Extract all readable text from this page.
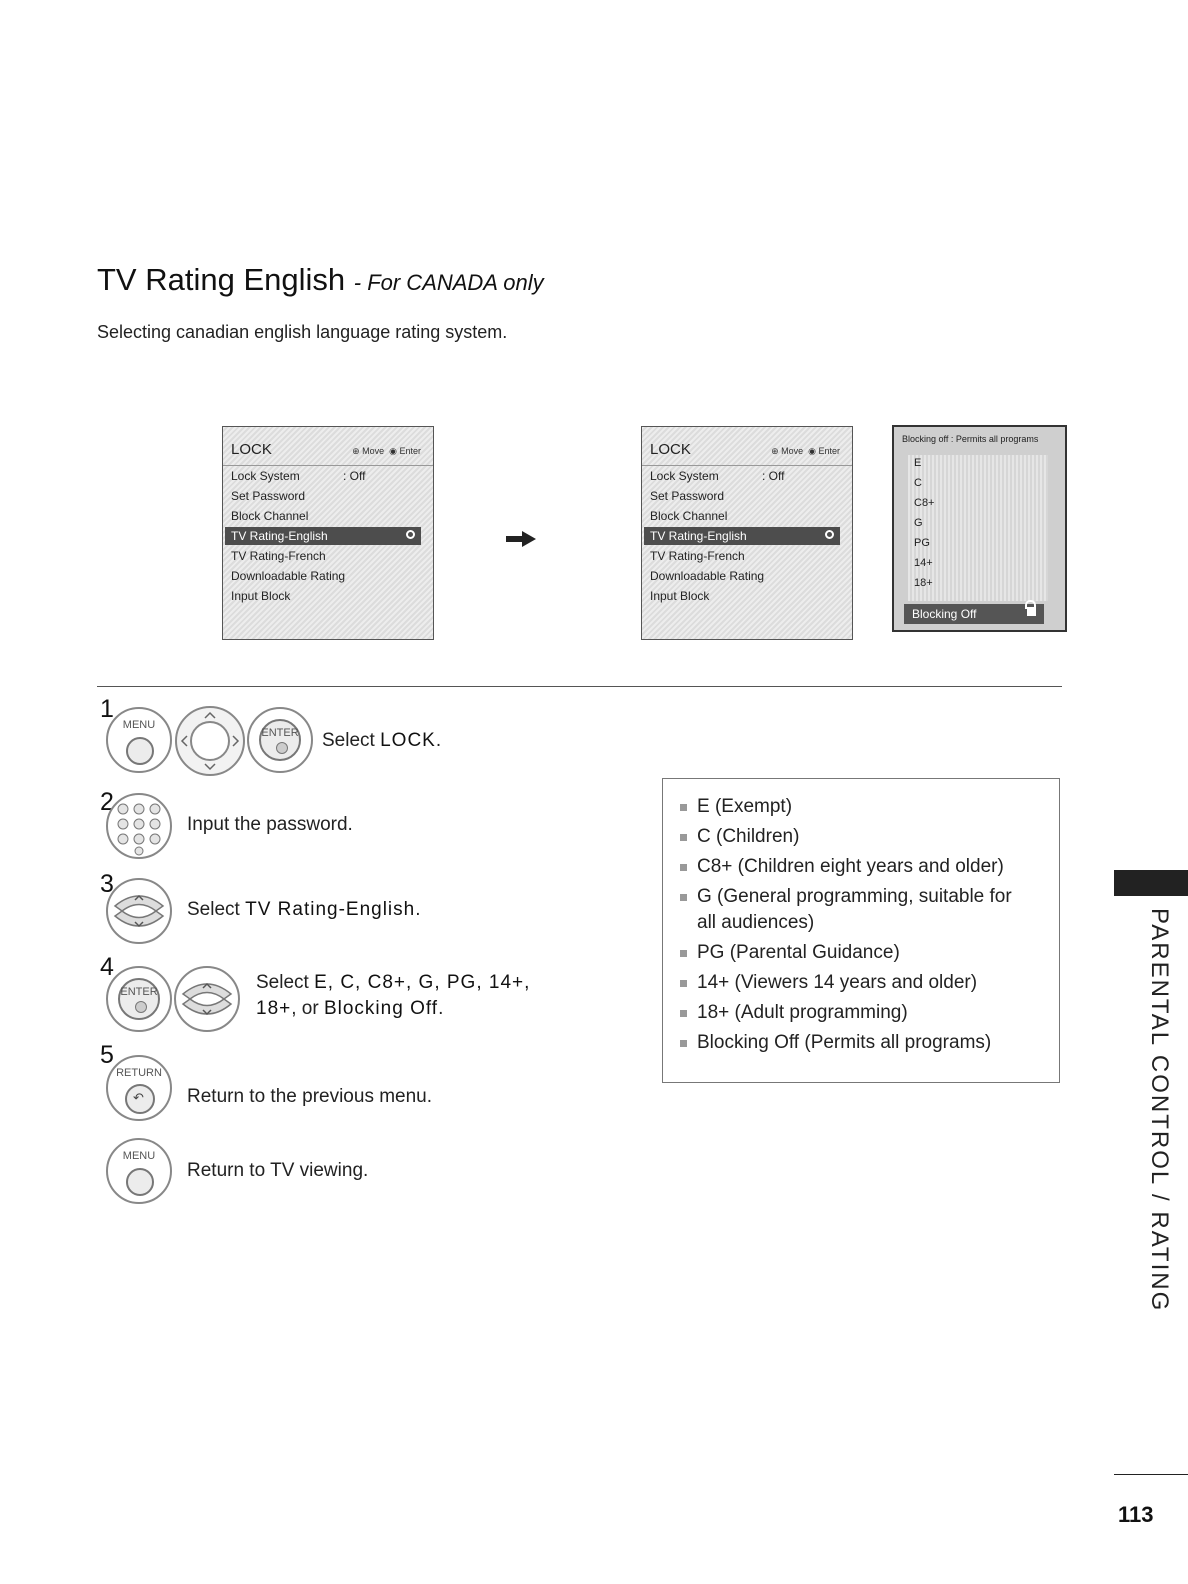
TV Rating English - For CANADA only
Selecting canadian english language rating system.
LOCK	⊕ Move  ◉ Enter
Lock System	: Off
Set Password
Block Channel
TV Rating-English
TV Rating-French
Downloadable Rating
Input Block
LOCK	⊕ Move  ◉ Enter
Lock System	: Off
Set Password
Block Channel
TV Rating-English
TV Rating-French
Downloadable Rating
Input Block
Blocking off : Permits all programs
E
C
C8+
G
PG
14+
18+
Blocking Off
1
MENU
ENTER	Select LOCK.
2
Input the password.
3
Select TV Rating-English.
4
ENTER	Select E, C, C8+, G, PG, 14+,
18+, or Blocking Off.
5
RETURN
↶ Return to the previous menu.
MENU
Return to TV viewing.
E (Exempt)
C (Children)
C8+ (Children eight years and older)
G (General programming, suitable for
all audiences)
PG (Parental Guidance)
14+ (Viewers 14 years and older)
18+ (Adult programming)
Blocking Off (Permits all programs)	PARENTAL CONTROL / RATING
113
